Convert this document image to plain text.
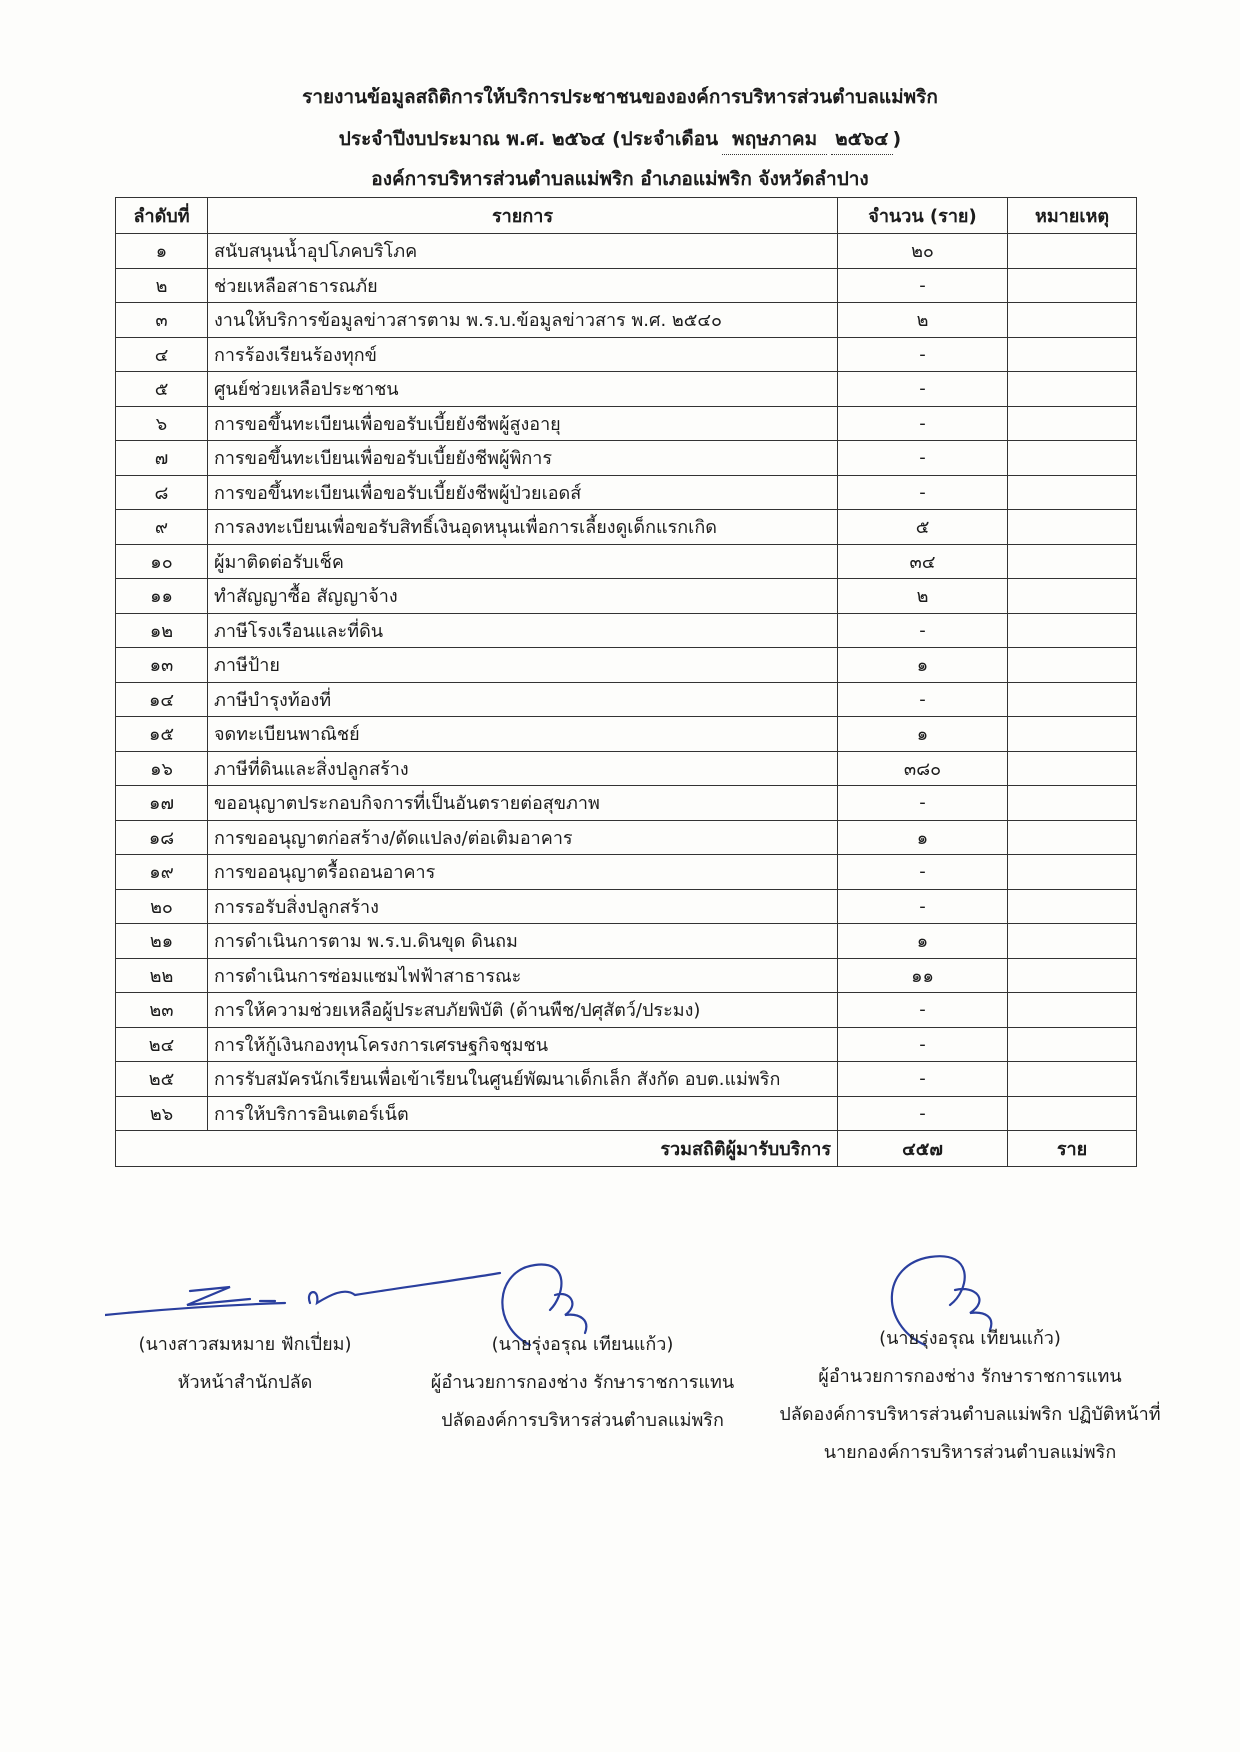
รายงานข้อมูลสถิติการให้บริการประชาชนขององค์การบริหารส่วนตำบลแม่พริก
ประจำปีงบประมาณ พ.ศ. ๒๕๖๔ (ประจำเดือน พฤษภาคม ๒๕๖๔ )
องค์การบริหารส่วนตำบลแม่พริก อำเภอแม่พริก จังหวัดลำปาง
ลำดับที่	รายการ	จำนวน (ราย)	หมายเหตุ
๑	สนับสนุนน้ำอุปโภคบริโภค	๒๐	
๒	ช่วยเหลือสาธารณภัย	-	
๓	งานให้บริการข้อมูลข่าวสารตาม พ.ร.บ.ข้อมูลข่าวสาร พ.ศ. ๒๕๔๐	๒	
๔	การร้องเรียนร้องทุกข์	-	
๕	ศูนย์ช่วยเหลือประชาชน	-	
๖	การขอขึ้นทะเบียนเพื่อขอรับเบี้ยยังชีพผู้สูงอายุ	-	
๗	การขอขึ้นทะเบียนเพื่อขอรับเบี้ยยังชีพผู้พิการ	-	
๘	การขอขึ้นทะเบียนเพื่อขอรับเบี้ยยังชีพผู้ป่วยเอดส์	-	
๙	การลงทะเบียนเพื่อขอรับสิทธิ์เงินอุดหนุนเพื่อการเลี้ยงดูเด็กแรกเกิด	๕	
๑๐	ผู้มาติดต่อรับเช็ค	๓๔	
๑๑	ทำสัญญาซื้อ สัญญาจ้าง	๒	
๑๒	ภาษีโรงเรือนและที่ดิน	-	
๑๓	ภาษีป้าย	๑	
๑๔	ภาษีบำรุงท้องที่	-	
๑๕	จดทะเบียนพาณิชย์	๑	
๑๖	ภาษีที่ดินและสิ่งปลูกสร้าง	๓๘๐	
๑๗	ขออนุญาตประกอบกิจการที่เป็นอันตรายต่อสุขภาพ	-	
๑๘	การขออนุญาตก่อสร้าง/ดัดแปลง/ต่อเติมอาคาร	๑	
๑๙	การขออนุญาตรื้อถอนอาคาร	-	
๒๐	การรอรับสิ่งปลูกสร้าง	-	
๒๑	การดำเนินการตาม พ.ร.บ.ดินขุด ดินถม	๑	
๒๒	การดำเนินการซ่อมแซมไฟฟ้าสาธารณะ	๑๑	
๒๓	การให้ความช่วยเหลือผู้ประสบภัยพิบัติ (ด้านพืช/ปศุสัตว์/ประมง)	-	
๒๔	การให้กู้เงินกองทุนโครงการเศรษฐกิจชุมชน	-	
๒๕	การรับสมัครนักเรียนเพื่อเข้าเรียนในศูนย์พัฒนาเด็กเล็ก สังกัด อบต.แม่พริก	-	
๒๖	การให้บริการอินเตอร์เน็ต	-	
รวมสถิติผู้มารับบริการ		๔๕๗	ราย
(นางสาวสมหมาย ฟักเปี่ยม)
หัวหน้าสำนักปลัด
(นายรุ่งอรุณ เทียนแก้ว)
ผู้อำนวยการกองช่าง รักษาราชการแทน
ปลัดองค์การบริหารส่วนตำบลแม่พริก
(นายรุ่งอรุณ เทียนแก้ว)
ผู้อำนวยการกองช่าง รักษาราชการแทน
ปลัดองค์การบริหารส่วนตำบลแม่พริก ปฏิบัติหน้าที่
นายกองค์การบริหารส่วนตำบลแม่พริก
